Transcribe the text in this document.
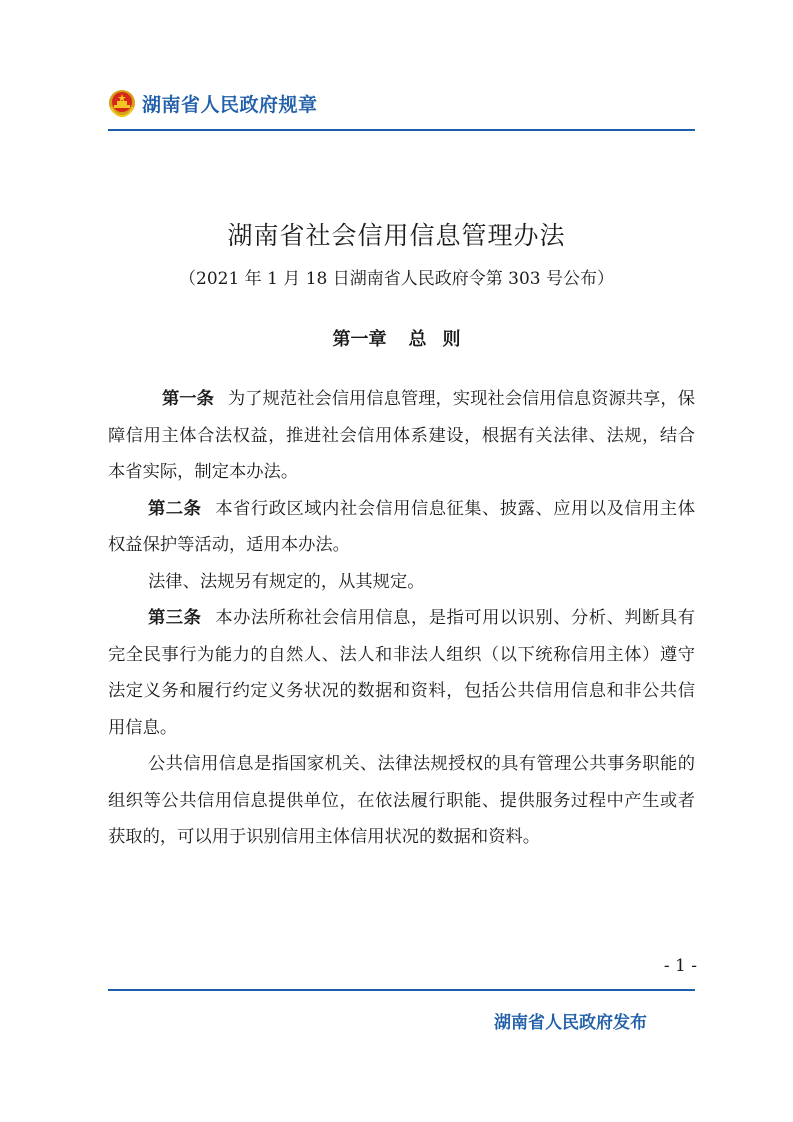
湖南省人民政府规章
湖南省社会信用信息管理办法
（2021 年 1 月 18 日湖南省人民政府令第 303 号公布）
第一章 总 则

第一条 为了规范社会信用信息管理，实现社会信用信息资源共享，保障信用主体合法权益，推进社会信用体系建设，根据有关法律、法规，结合本省实际，制定本办法。

第二条 本省行政区域内社会信用信息征集、披露、应用以及信用主体权益保护等活动，适用本办法。

法律、法规另有规定的，从其规定。

第三条 本办法所称社会信用信息，是指可用以识别、分析、判断具有完全民事行为能力的自然人、法人和非法人组织（以下统称信用主体）遵守法定义务和履行约定义务状况的数据和资料，包括公共信用信息和非公共信用信息。

公共信用信息是指国家机关、法律法规授权的具有管理公共事务职能的组织等公共信用信息提供单位，在依法履行职能、提供服务过程中产生或者获取的，可以用于识别信用主体信用状况的数据和资料。

- 1 -
湖南省人民政府发布
